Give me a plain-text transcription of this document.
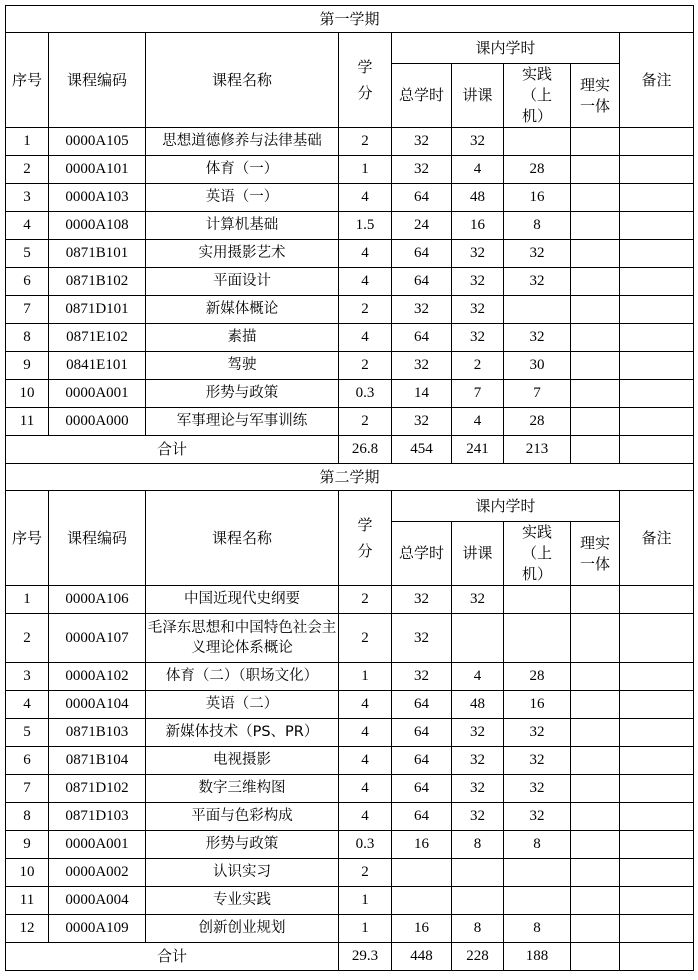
第一学期								
序号	课程编码	课程名称	学分	课内学时				备注
				总学时	讲课	实践（上机）	理实一体	
1	0000A105	思想道德修养与法律基础	2	32	32			
2	0000A101	体育（一）	1	32	4	28		
3	0000A103	英语（一）	4	64	48	16		
4	0000A108	计算机基础	1.5	24	16	8		
5	0871B101	实用摄影艺术	4	64	32	32		
6	0871B102	平面设计	4	64	32	32		
7	0871D101	新媒体概论	2	32	32			
8	0871E102	素描	4	64	32	32		
9	0841E101	驾驶	2	32	2	30		
10	0000A001	形势与政策	0.3	14	7	7		
11	0000A000	军事理论与军事训练	2	32	4	28		
合计			26.8	454	241	213		
第二学期								
序号	课程编码	课程名称	学分	课内学时				备注
				总学时	讲课	实践（上机）	理实一体	
1	0000A106	中国近现代史纲要	2	32	32			
2	0000A107	毛泽东思想和中国特色社会主义理论体系概论	2	32				
3	0000A102	体育（二）（职场文化）	1	32	4	28		
4	0000A104	英语（二）	4	64	48	16		
5	0871B103	新媒体技术（PS、PR）	4	64	32	32		
6	0871B104	电视摄影	4	64	32	32		
7	0871D102	数字三维构图	4	64	32	32		
8	0871D103	平面与色彩构成	4	64	32	32		
9	0000A001	形势与政策	0.3	16	8	8		
10	0000A002	认识实习	2					
11	0000A004	专业实践	1					
12	0000A109	创新创业规划	1	16	8	8		
合计			29.3	448	228	188		
